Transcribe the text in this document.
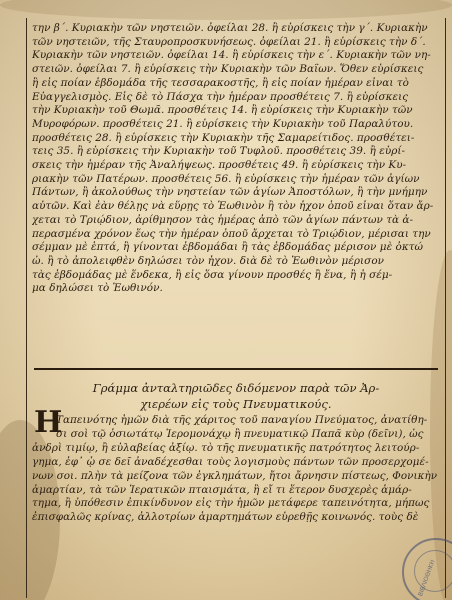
την β΄. Κυριακὴν τῶν νηστειῶν. ὀφείλαι 28. ἢ εὑρίσκεις τὴν γ΄. Κυριακὴν
τῶν νηστειῶν, τῆς Σταυροπροσκυνήσεως. ὀφείλαι 21. ἢ εὑρίσκεις τὴν δ΄.
Κυριακὴν τῶν νηστειῶν. ὀφείλαι 14. ἢ εὑρίσκεις τὴν ε΄. Κυριακὴν τῶν νη-
στειῶν. ὀφείλαι 7. ἢ εὑρίσκεις τὴν Κυριακὴν τῶν Βαΐων. Ὅθεν εὑρίσκεις
ἢ εἰς ποίαν ἑβδομάδα τῆς τεσσαρακοστῆς, ἢ εἰς ποίαν ἡμέραν εἶναι τὸ
Εὐαγγελισμὸς. Εἰς δὲ τὸ Πάσχα τὴν ἡμέραν προσθέτεις 7. ἢ εὑρίσκεις
τὴν Κυριακὴν τοῦ Θωμᾶ. προσθέτεις 14. ἢ εὑρίσκεις τὴν Κυριακὴν τῶν
Μυροφόρων. προσθέτεις 21. ἢ εὑρίσκεις τὴν Κυριακὴν τοῦ Παραλύτου.
προσθέτεις 28. ἢ εὑρίσκεις τὴν Κυριακὴν τῆς Σαμαρείτιδος. προσθέτει-
τεις 35. ἢ εὑρίσκεις τὴν Κυριακὴν τοῦ Τυφλοῦ. προσθέτεις 39. ἢ εὑρί-
σκεις τὴν ἡμέραν τῆς Ἀναλήψεως. προσθέτεις 49. ἢ εὑρίσκεις τὴν Κυ-
ριακὴν τῶν Πατέρων. προσθέτεις 56. ἢ εὑρίσκεις τὴν ἡμέραν τῶν ἁγίων
Πάντων, ἢ ἀκολούθως τὴν νηστείαν τῶν ἁγίων Ἀποστόλων, ἢ τὴν μνήμην
αὐτῶν. Καὶ ἐὰν θέλῃς νὰ εὕρῃς τὸ Ἑωθινὸν ἢ τὸν ἦχον ὁποῦ εἶναι ὅταν ἄρ-
χεται τὸ Τριῴδιον, ἀρίθμησον τὰς ἡμέρας ἀπὸ τῶν ἁγίων πάντων τὰ ἀ-
περασμένα χρόνον ἕως τὴν ἡμέραν ὁποῦ ἄρχεται τὸ Τριῴδιον, μέρισαι την
σέμμαν μὲ ἑπτά, ἢ γίνονται ἑβδομάδαι ἢ τὰς ἑβδομάδας μέρισον μὲ ὀκτώ
ὠ. ἢ τὸ ἀπολειφθὲν δηλώσει τὸν ἦχον. διὰ δὲ τὸ Ἑωθινὸν μέρισον
τὰς ἑβδομάδας μὲ ἕνδεκα, ἢ εἰς ὅσα γίνουν προσθές ἢ ἕνα, ἢ ἡ σέμ-
μα δηλώσει τὸ Ἑωθινόν.
Γράμμα ἀνταλτηριῶδες διδόμενον παρὰ τῶν Ἀρ-
χιερέων εἰς τοὺς Πνευματικούς.
Η
Ταπεινότης ἡμῶν διὰ τῆς χάριτος τοῦ παναγίου Πνεύματος, ἀνατίθη-
σι σοὶ τῷ ὁσιωτάτῳ Ἱερομονάχῳ ἢ πνευματικῷ Παπᾶ κὺρ (δεῖνι), ὡς
ἀνδρὶ τιμίῳ, ἢ εὐλαβείας ἀξίῳ. τὸ τῆς πνευματικῆς πατρότητος λειτούρ-
γημα, ἐφ᾽ ᾧ σε δεῖ ἀναδέχεσθαι τοὺς λογισμοὺς πάντων τῶν προσερχομέ-
νων σοι. πλὴν τὰ μείζονα τῶν ἐγκλημάτων, ἤτοι ἄρνησιν πίστεως, Φονικὴν
ἁμαρτίαν, τὰ τῶν Ἱερατικῶν πταισμάτα, ἢ εἴ τι ἕτερον δυσχερὲς ἁμάρ-
τημα, ἢ ὑπόθεσιν ἐπικίνδυνον εἰς τὴν ἡμῶν μετάφερε ταπεινότητα, μήπως
ἐπισφαλῶς κρίνας, ἀλλοτρίων ἁμαρτημάτων εὑρεθῇς κοινωνός. τοὺς δὲ
ΒΙΒΛΙΟΘΗΚΗ
